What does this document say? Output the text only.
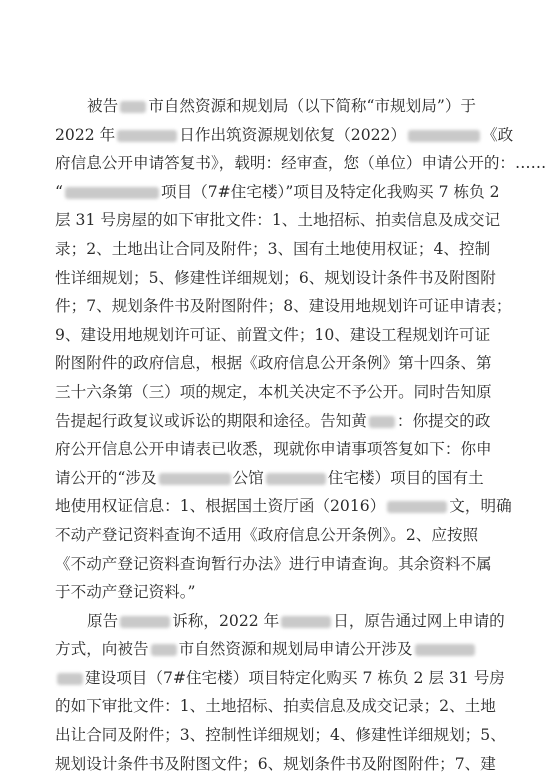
被告 市自然资源和规划局（以下简称“市规划局”）于
2022 年	日作出筑资源规划依复（2022）	《政
府信息公开申请答复书》，载明：经审查，您（单位）申请公开的：……
“	项目（7#住宅楼）”项目及特定化我购买 7 栋负 2
层 31 号房屋的如下审批文件：1、土地招标、拍卖信息及成交记
录；2、土地出让合同及附件；3、国有土地使用权证；4、控制
性详细规划；5、修建性详细规划；6、规划设计条件书及附图附
件；7、规划条件书及附图附件；8、建设用地规划许可证申请表；
9、建设用地规划许可证、前置文件；10、建设工程规划许可证
附图附件的政府信息，根据《政府信息公开条例》第十四条、第
三十六条第（三）项的规定，本机关决定不予公开。同时告知原
告提起行政复议或诉讼的期限和途径。告知黄 ：你提交的政
府公开信息公开申请表已收悉，现就你申请事项答复如下：你申
请公开的“涉及	公馆	住宅楼）项目的国有土
地使用权证信息：1、根据国土资厅函（2016）	文，明确
不动产登记资料查询不适用《政府信息公开条例》。2、应按照
《不动产登记资料查询暂行办法》进行申请查询。其余资料不属
于不动产登记资料。”
原告	诉称，2022 年	日，原告通过网上申请的
方式，向被告 市自然资源和规划局申请公开涉及
建设项目（7#住宅楼）项目特定化购买 7 栋负 2 层 31 号房
的如下审批文件：1、土地招标、拍卖信息及成交记录；2、土地
出让合同及附件；3、控制性详细规划；4、修建性详细规划；5、
规划设计条件书及附图文件；6、规划条件书及附图附件；7、建
